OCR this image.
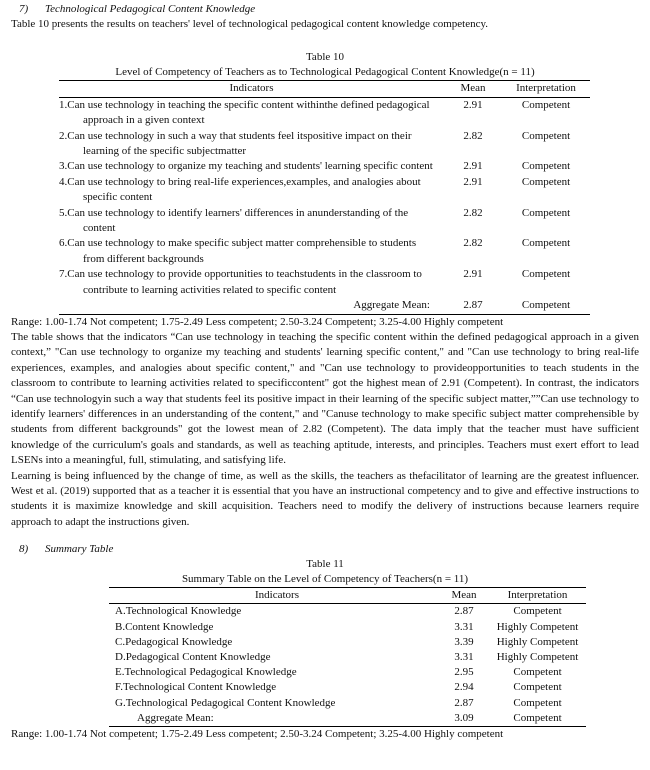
7) Technological Pedagogical Content Knowledge

Table 10 presents the results on teachers' level of technological pedagogical content knowledge competency.

Table 10
Level of Competency of Teachers as to Technological Pedagogical Content Knowledge(n = 11)
Indicators	Mean	Interpretation

1.Can use technology in teaching the specific content withinthe defined pedagogical approach in a given context	2.91	Competent

2.Can use technology in such a way that students feel itspositive impact on their learning of the specific subjectmatter	2.82	Competent

3.Can use technology to organize my teaching and students' learning specific content	2.91	Competent

4.Can use technology to bring real-life experiences,examples, and analogies about specific content	2.91	Competent

5.Can use technology to identify learners' differences in anunderstanding of the content	2.82	Competent

6.Can use technology to make specific subject matter comprehensible to students from different backgrounds	2.82	Competent

7.Can use technology to provide opportunities to teachstudents in the classroom to contribute to learning activities related to specific content	2.91	Competent
Aggregate Mean:	2.87	Competent

Range: 1.00-1.74 Not competent; 1.75-2.49 Less competent; 2.50-3.24 Competent; 3.25-4.00 Highly competent

The table shows that the indicators “Can use technology in teaching the specific content within the defined pedagogical approach in a given context,” "Can use technology to organize my teaching and students' learning specific content," and "Can use technology to bring real-life experiences, examples, and analogies about specific content," and "Can use technology to provideopportunities to teach students in the classroom to contribute to learning activities related to specificcontent" got the highest mean of 2.91 (Competent). In contrast, the indicators “Can use technologyin such a way that students feel its positive impact in their learning of the specific subject matter,””Can use technology to identify learners' differences in an understanding of the content," and "Canuse technology to make specific subject matter comprehensible by students from different backgrounds" got the lowest mean of 2.82 (Competent). The data imply that the teacher must have sufficient knowledge of the curriculum's goals and standards, as well as teaching aptitude, interests, and principles. Teachers must exert effort to lead LSENs into a meaningful, full, stimulating, and satisfying life.

Learning is being influenced by the change of time, as well as the skills, the teachers as thefacilitator of learning are the greatest influencer. West et al. (2019) supported that as a teacher it is essential that you have an instructional competency and to give and effective instructions to students it is maximize knowledge and skill acquisition. Teachers need to modify the delivery of instructions because learners require approach to adapt the instructions given.

8) Summary Table
Table 11
Summary Table on the Level of Competency of Teachers(n = 11)
Indicators	Mean	Interpretation
A.Technological Knowledge	2.87	Competent
B.Content Knowledge	3.31	Highly Competent
C.Pedagogical Knowledge	3.39	Highly Competent
D.Pedagogical Content Knowledge	3.31	Highly Competent
E.Technological Pedagogical Knowledge	2.95	Competent
F.Technological Content Knowledge	2.94	Competent
G.Technological Pedagogical Content Knowledge	2.87	Competent
Aggregate Mean:	3.09	Competent

Range: 1.00-1.74 Not competent; 1.75-2.49 Less competent; 2.50-3.24 Competent; 3.25-4.00 Highly competent
